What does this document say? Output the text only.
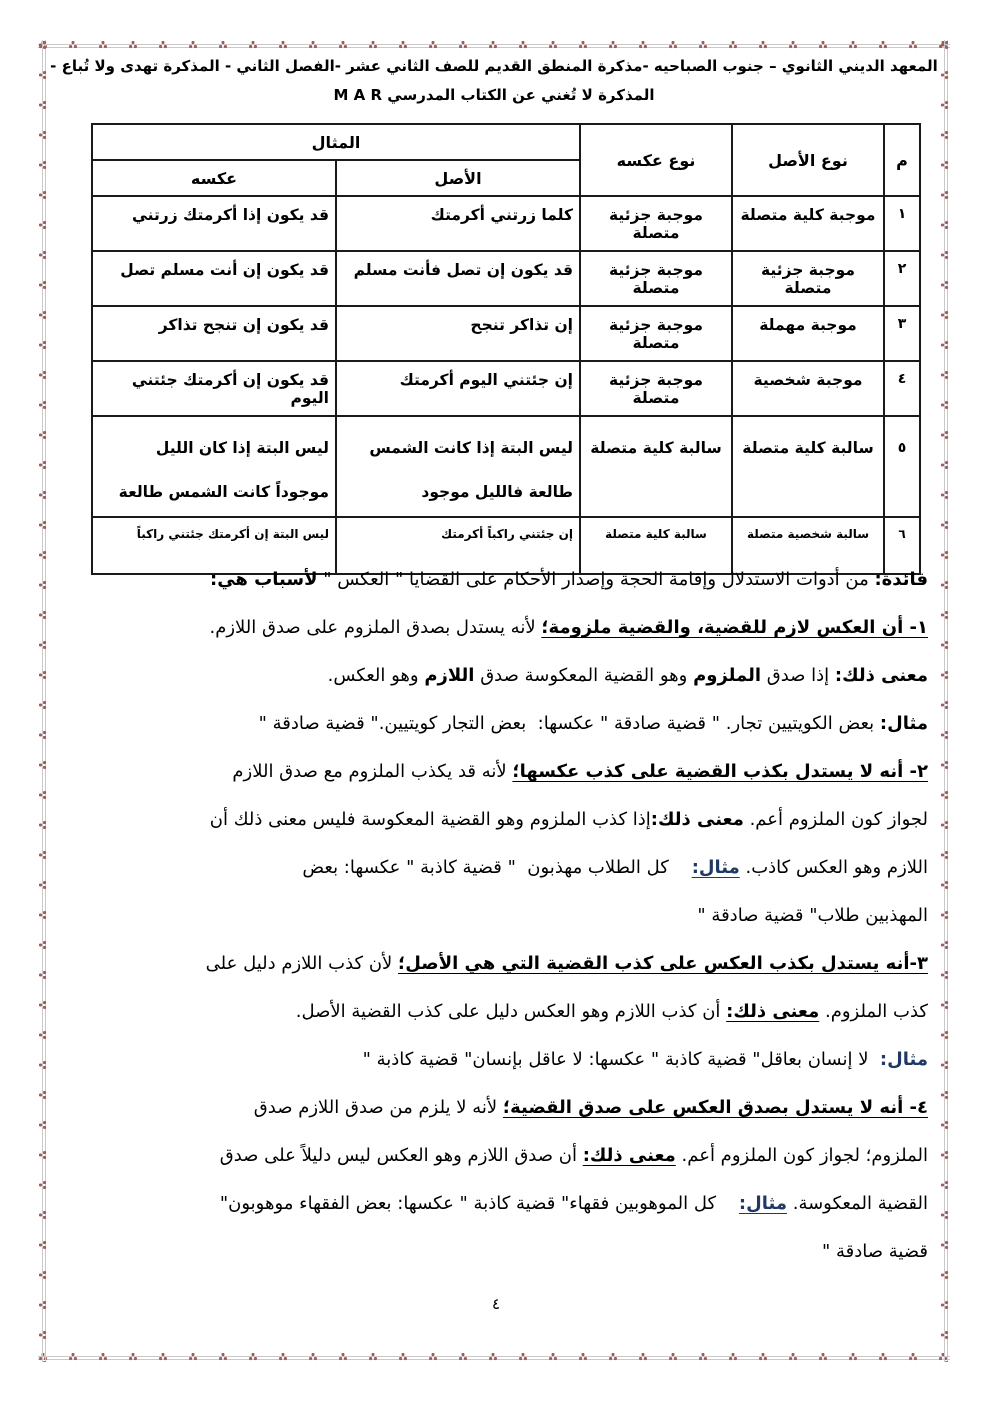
المعهد الديني الثانوي – جنوب الصباحيه -مذكرة المنطق القديم للصف الثاني عشر -الفصل الثاني - المذكرة تهدى ولا تُباع -
المذكرة لا تُغني عن الكتاب المدرسي M A R
م	نوع الأصل	نوع عكسه	المثال	
			الأصل	عكسه
١	موجبة كلية متصلة	موجبة جزئية متصلة	كلما زرتني أكرمتك	قد يكون إذا أكرمتك زرتني
٢	موجبة جزئية متصلة	موجبة جزئية متصلة	قد يكون إن تصل فأنت مسلم	قد يكون إن أنت مسلم تصل
٣	موجبة مهملة	موجبة جزئية متصلة	إن تذاكر تنجح	قد يكون إن تنجح تذاكر
٤	موجبة شخصية	موجبة جزئية متصلة	إن جئتني اليوم أكرمتك	قد يكون إن أكرمتك جئتني اليوم
٥	سالبة كلية متصلة	سالبة كلية متصلة	ليس البتة إذا كانت الشمس طالعة فالليل موجود	ليس البتة إذا كان الليل موجوداً كانت الشمس طالعة
٦	سالبة شخصية متصلة	سالبة كلية متصلة	إن جئتني راكباً أكرمتك	ليس البتة إن أكرمتك جئتني راكباً
فائدة: من أدوات الاستدلال وإقامة الحجة وإصدار الأحكام على القضايا " العكس " لأسباب هي:
١- أن العكس لازم للقضية، والقضية ملزومة؛ لأنه يستدل بصدق الملزوم على صدق اللازم.
معنى ذلك: إذا صدق الملزوم وهو القضية المعكوسة صدق اللازم وهو العكس.
مثال: بعض الكويتيين تجار. " قضية صادقة " عكسها:  بعض التجار كويتيين." قضية صادقة "
٢- أنه لا يستدل بكذب القضية على كذب عكسها؛ لأنه قد يكذب الملزوم مع صدق اللازم
لجواز كون الملزوم أعم. معنى ذلك:إذا كذب الملزوم وهو القضية المعكوسة فليس معنى ذلك أن
اللازم وهو العكس كاذب. مثال:    كل الطلاب مهذبون  " قضية كاذبة " عكسها: بعض
المهذبين طلاب" قضية صادقة "
٣-أنه يستدل بكذب العكس على كذب القضية التي هي الأصل؛ لأن كذب اللازم دليل على
كذب الملزوم. معنى ذلك: أن كذب اللازم وهو العكس دليل على كذب القضية الأصل.
مثال:  لا إنسان بعاقل" قضية كاذبة " عكسها: لا عاقل بإنسان" قضية كاذبة "
٤- أنه لا يستدل بصدق العكس على صدق القضية؛ لأنه لا يلزم من صدق اللازم صدق
الملزوم؛ لجواز كون الملزوم أعم. معنى ذلك: أن صدق اللازم وهو العكس ليس دليلاً على صدق
القضية المعكوسة. مثال:    كل الموهوبين فقهاء" قضية كاذبة " عكسها: بعض الفقهاء موهوبون"
قضية صادقة "
٤
